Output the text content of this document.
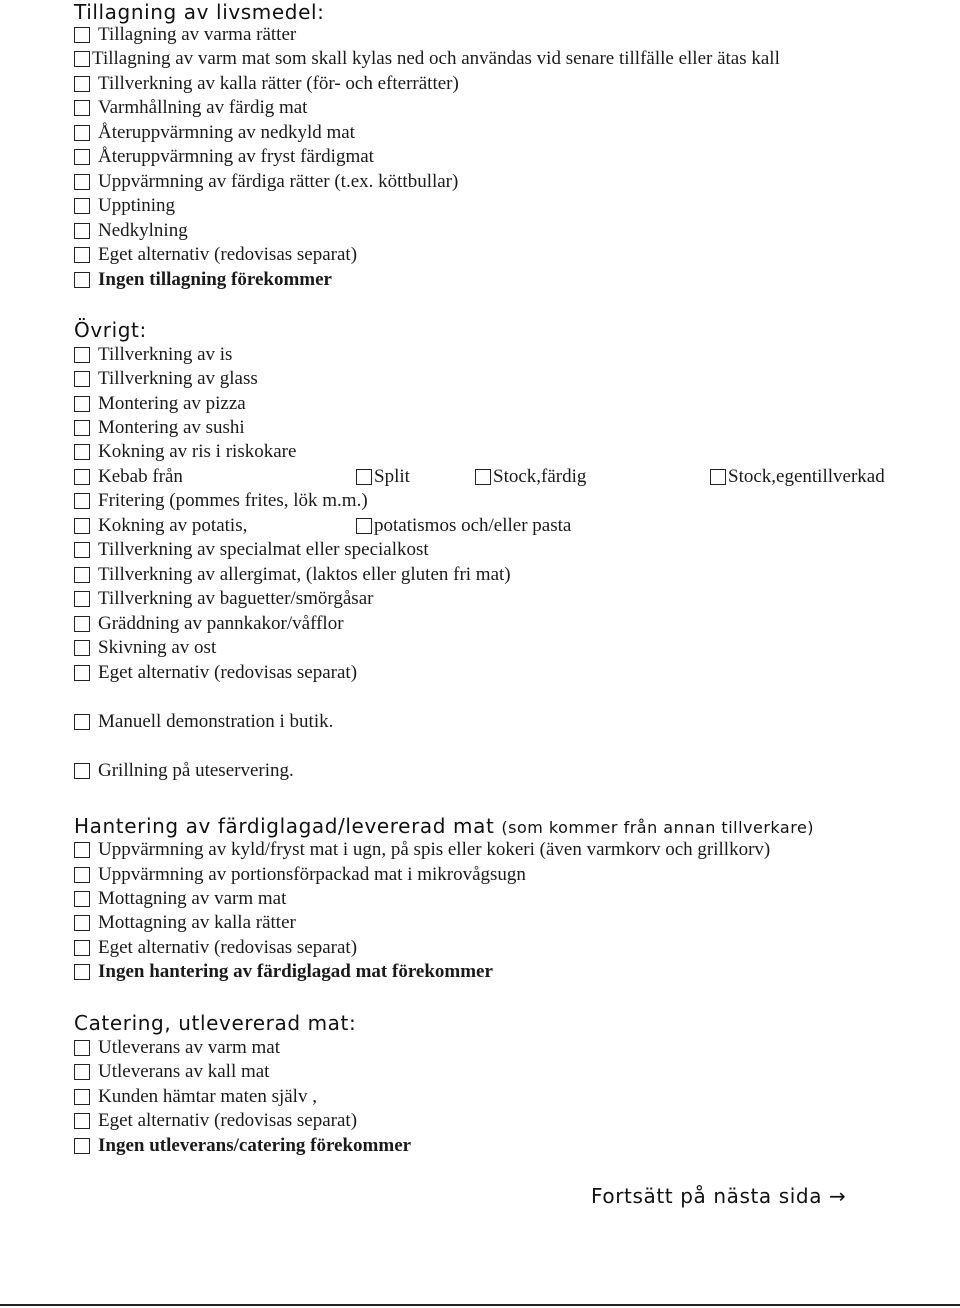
Tillagning av livsmedel:
Tillagning av varma rätter
Tillagning av varm mat som skall kylas ned och användas vid senare tillfälle eller ätas kall
Tillverkning av kalla rätter (för- och efterrätter)
Varmhållning av färdig mat
Återuppvärmning av nedkyld mat
Återuppvärmning av fryst färdigmat
Uppvärmning av färdiga rätter (t.ex. köttbullar)
Upptining
Nedkylning
Eget alternativ (redovisas separat)
Ingen tillagning förekommer
Övrigt:
Tillverkning av is
Tillverkning av glass
Montering av pizza
Montering av sushi
Kokning av ris i riskokare
Kebab från	Split	Stock,färdig	Stock,egentillverkad
Fritering (pommes frites, lök m.m.)
Kokning av potatis,	potatismos och/eller pasta
Tillverkning av specialmat eller specialkost
Tillverkning av allergimat, (laktos eller gluten fri mat)
Tillverkning av baguetter/smörgåsar
Gräddning av pannkakor/våfflor
Skivning av ost
Eget alternativ (redovisas separat)
Manuell demonstration i butik.
Grillning på uteservering.
Hantering av färdiglagad/levererad mat (som kommer från annan tillverkare)
Uppvärmning av kyld/fryst mat i ugn, på spis eller kokeri (även varmkorv och grillkorv)
Uppvärmning av portionsförpackad mat i mikrovågsugn
Mottagning av varm mat
Mottagning av kalla rätter
Eget alternativ (redovisas separat)
Ingen hantering av färdiglagad mat förekommer
Catering, utlevererad mat:
Utleverans av varm mat
Utleverans av kall mat
Kunden hämtar maten själv ,
Eget alternativ (redovisas separat)
Ingen utleverans/catering förekommer
Fortsätt på nästa sida →
